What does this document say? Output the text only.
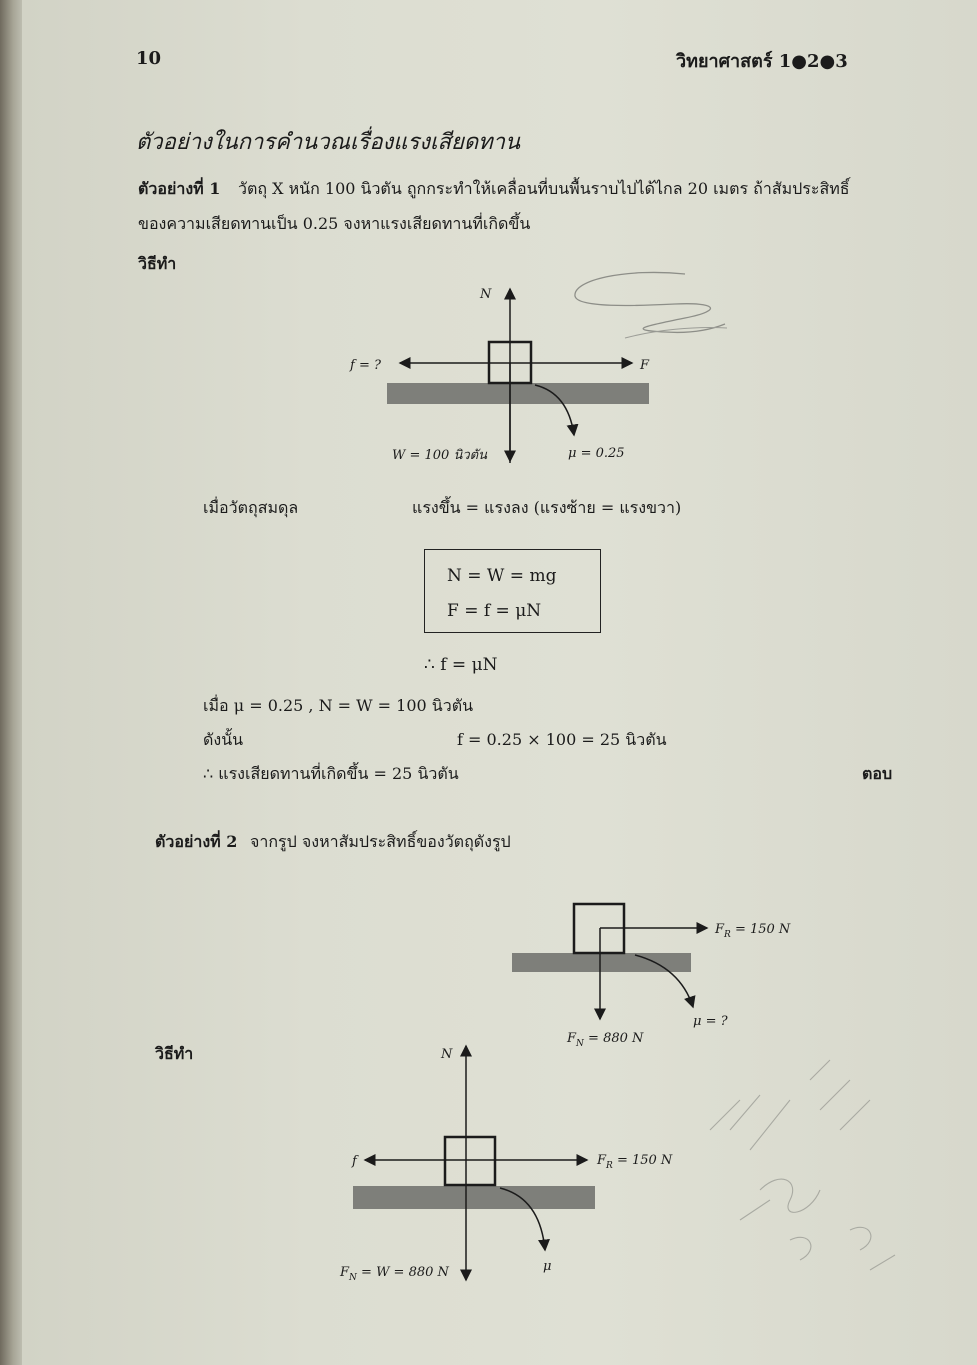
10	วิทยาศาสตร์ 1●2●3
ตัวอย่างในการคำนวณเรื่องแรงเสียดทาน
ตัวอย่างที่ 1 วัตถุ X หนัก 100 นิวตัน ถูกกระทำให้เคลื่อนที่บนพื้นราบไปได้ไกล 20 เมตร ถ้าสัมประสิทธิ์
ของความเสียดทานเป็น 0.25 จงหาแรงเสียดทานที่เกิดขึ้น
วิธีทำ
N
f = ?	F
W = 100 นิวตัน	μ = 0.25
เมื่อวัตถุสมดุล	แรงขึ้น = แรงลง (แรงซ้าย = แรงขวา)
N = W = mg
F = f = μN
∴ f = μN
เมื่อ μ = 0.25 , N = W = 100 นิวตัน
ดังนั้น	f = 0.25 × 100 = 25 นิวตัน
∴ แรงเสียดทานที่เกิดขึ้น = 25 นิวตัน	ตอบ
ตัวอย่างที่ 2 จากรูป จงหาสัมประสิทธิ์ของวัตถุดังรูป
$F_R = 150$ N
$F_N = 880$ N
μ = ?
วิธีทำ	N
f	$F_R = 150$ N
$F_N = W = 880$ N	μ
